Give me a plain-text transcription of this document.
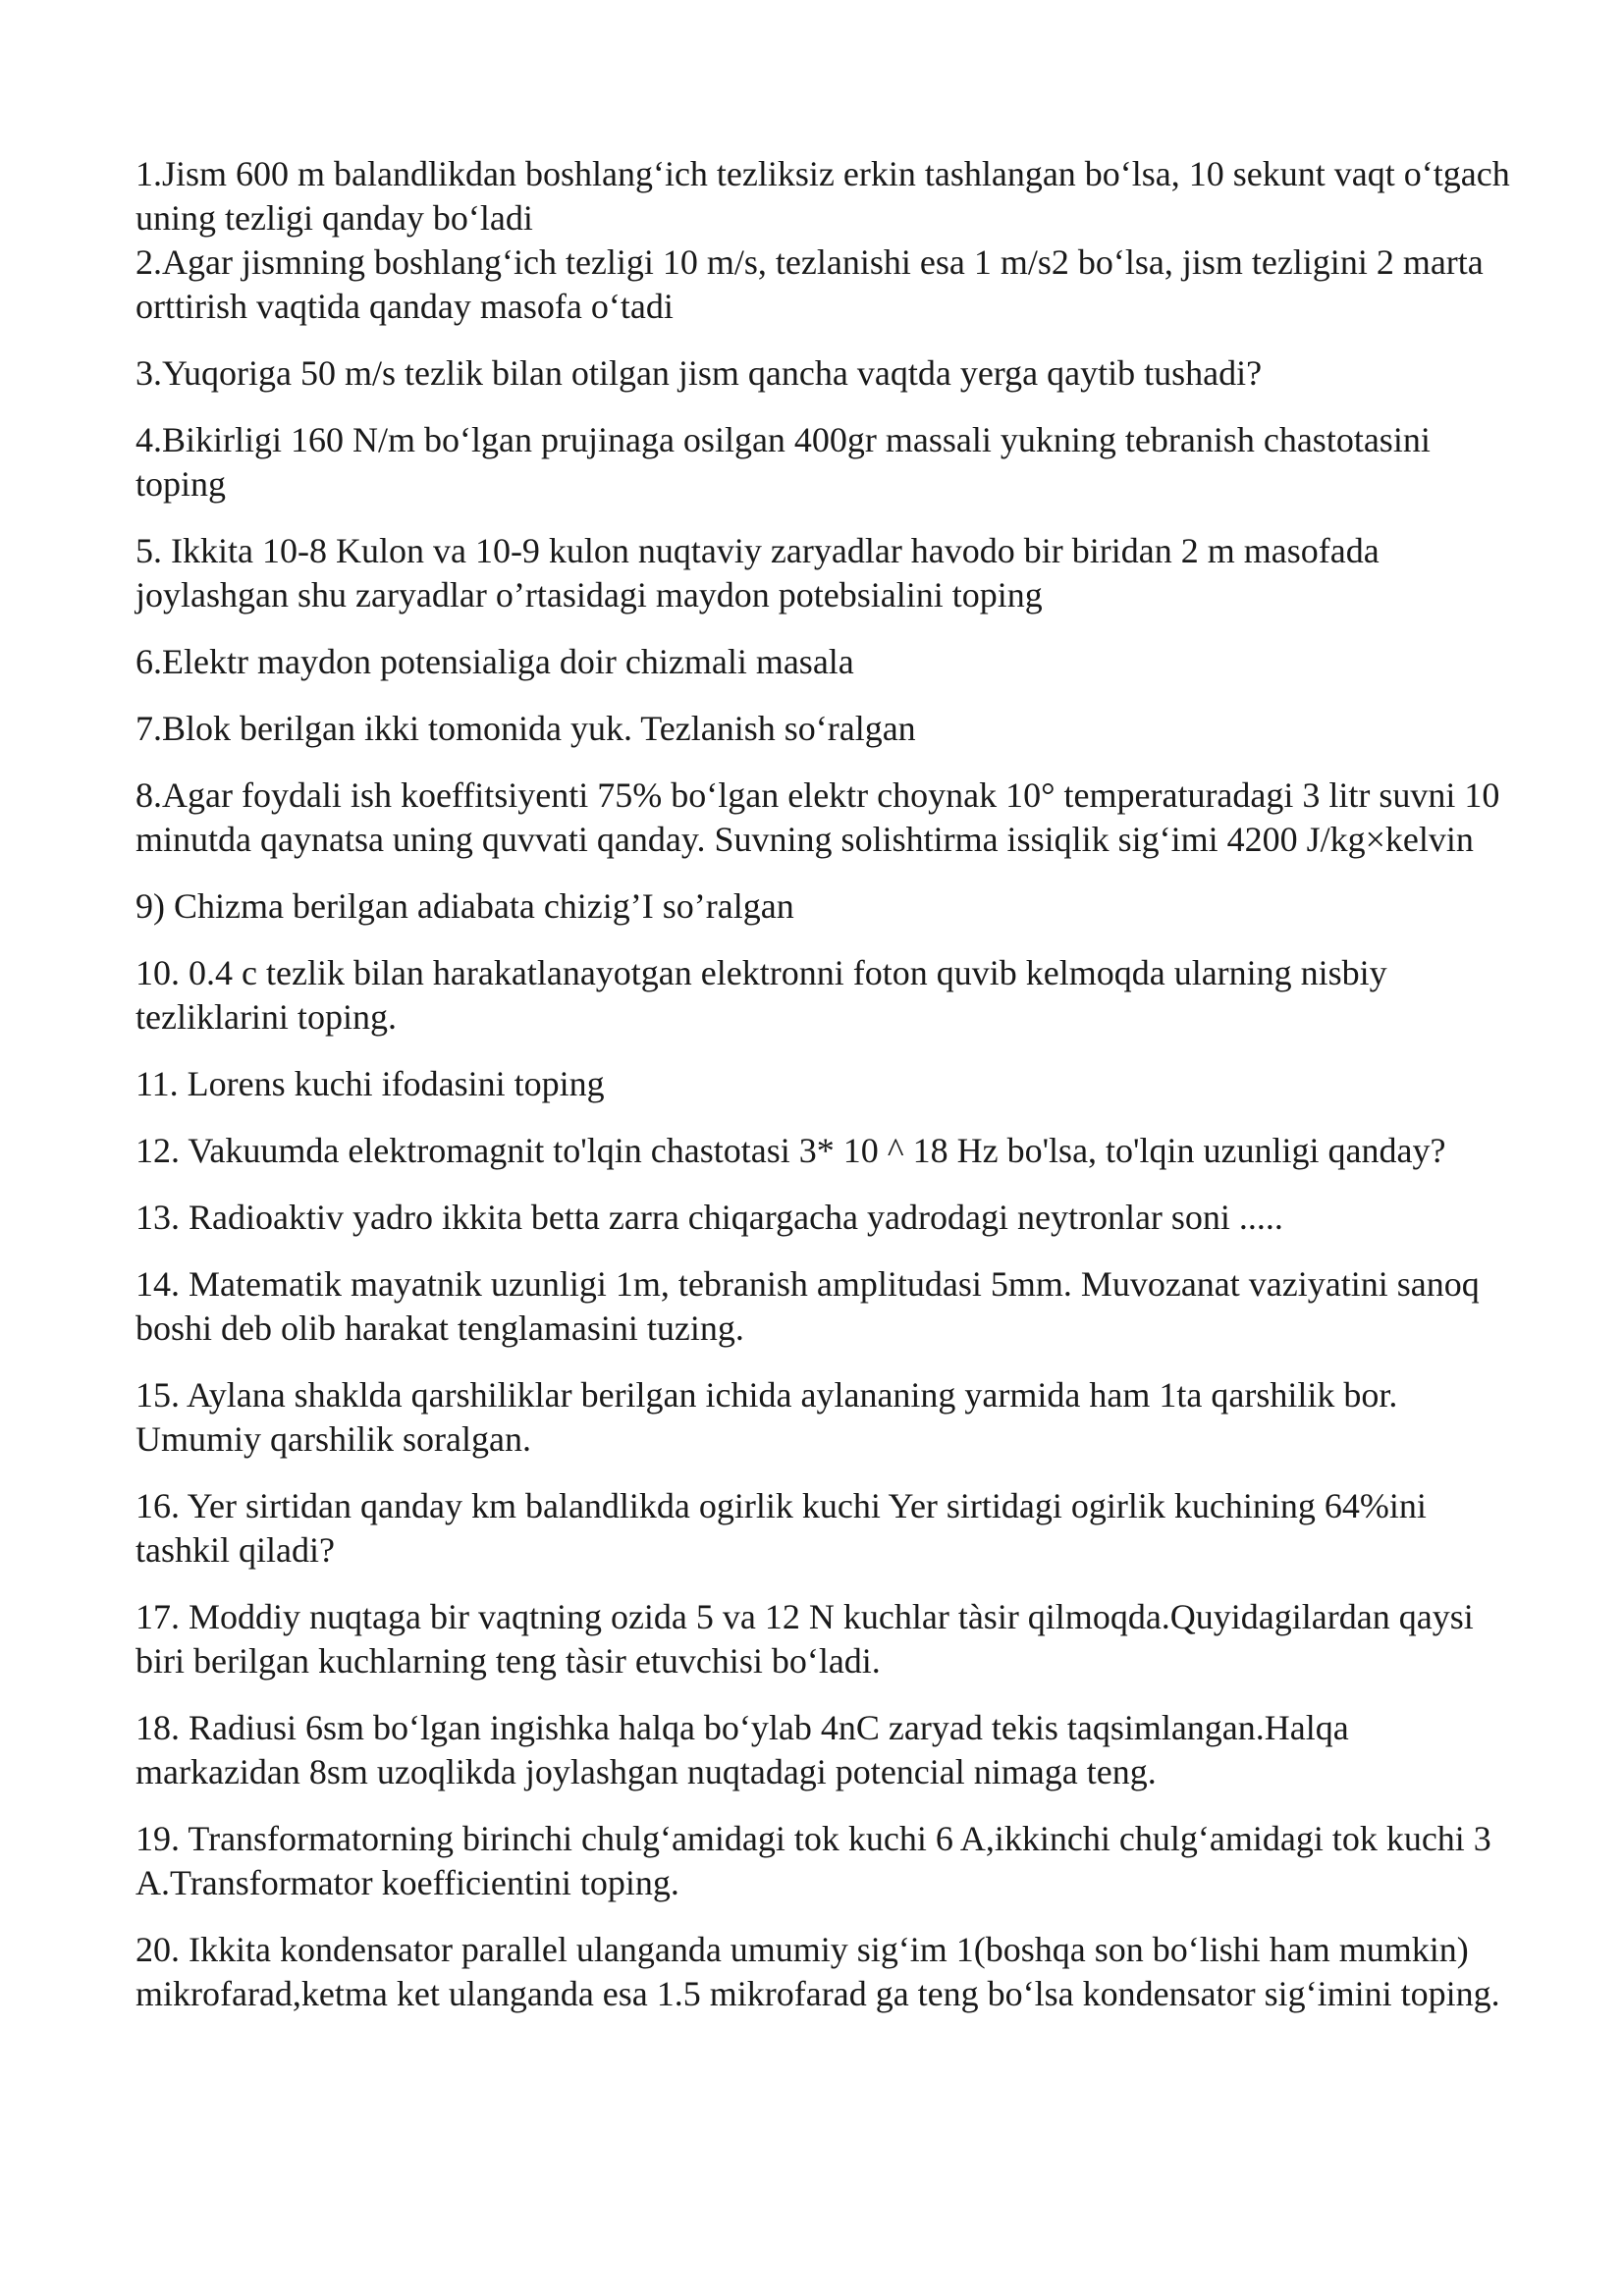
1.Jism 600 m balandlikdan boshlang‘ich tezliksiz erkin tashlangan bo‘lsa, 10 sekunt vaqt o‘tgach uning tezligi qanday bo‘ladi

2.Agar jismning boshlang‘ich tezligi 10 m/s, tezlanishi esa 1 m/s2 bo‘lsa, jism tezligini 2 marta orttirish vaqtida qanday masofa o‘tadi

3.Yuqoriga 50 m/s tezlik bilan otilgan jism qancha vaqtda yerga qaytib tushadi?

4.Bikirligi 160 N/m bo‘lgan prujinaga osilgan 400gr massali yukning tebranish chastotasini toping

5. Ikkita 10-8 Kulon va 10-9 kulon nuqtaviy zaryadlar havodo bir biridan 2 m masofada joylashgan shu zaryadlar o’rtasidagi maydon potebsialini toping

6.Elektr maydon potensialiga doir chizmali masala

7.Blok berilgan ikki tomonida yuk. Tezlanish so‘ralgan

8.Agar foydali ish koeffitsiyenti 75% bo‘lgan elektr choynak 10° temperaturadagi 3 litr suvni 10 minutda qaynatsa uning quvvati qanday. Suvning solishtirma issiqlik sig‘imi 4200 J/kg×kelvin

9) Chizma berilgan adiabata chizig’I so’ralgan

10. 0.4 c tezlik bilan harakatlanayotgan elektronni foton quvib kelmoqda ularning nisbiy tezliklarini toping.

11. Lorens kuchi ifodasini toping

12. Vakuumda elektromagnit to'lqin chastotasi 3* 10 ^ 18 Hz bo'lsa, to'lqin uzunligi qanday?

13. Radioaktiv yadro ikkita betta zarra chiqargacha yadrodagi neytronlar soni .....

14. Matematik mayatnik uzunligi 1m, tebranish amplitudasi 5mm. Muvozanat vaziyatini sanoq boshi deb olib harakat tenglamasini tuzing.

15. Aylana shakldа qarshiliklar berilgan ichida aylananing yarmida ham 1ta qarshilik bor. Umumiy qarshilik soralgan.

16. Yer sirtidan qanday km balandlikda ogirlik kuchi Yer sirtidagi ogirlik kuchining 64%ini tashkil qiladi?

17. Moddiy nuqtaga bir vaqtning ozida 5 va 12 N kuchlar tàsir qilmoqda.Quyidagilardan qaysi biri berilgan kuchlarning teng tàsir etuvchisi bo‘ladi.

18. Radiusi 6sm bo‘lgan ingishka halqa bo‘ylab 4nC zaryad tekis taqsimlangan.Halqa markazidan 8sm uzoqlikda joylashgan nuqtadagi potencial nimaga teng.

19. Transformatorning birinchi chulg‘amidagi tok kuchi 6 A,ikkinchi chulg‘amidagi tok kuchi 3 A.Transformator koefficientini toping.

20. Ikkita kondensator parallel ulanganda umumiy sig‘im 1(boshqa son bo‘lishi ham mumkin) mikrofarad,ketma ket ulanganda esa 1.5 mikrofarad ga teng bo‘lsa kondensator sig‘imini toping.
